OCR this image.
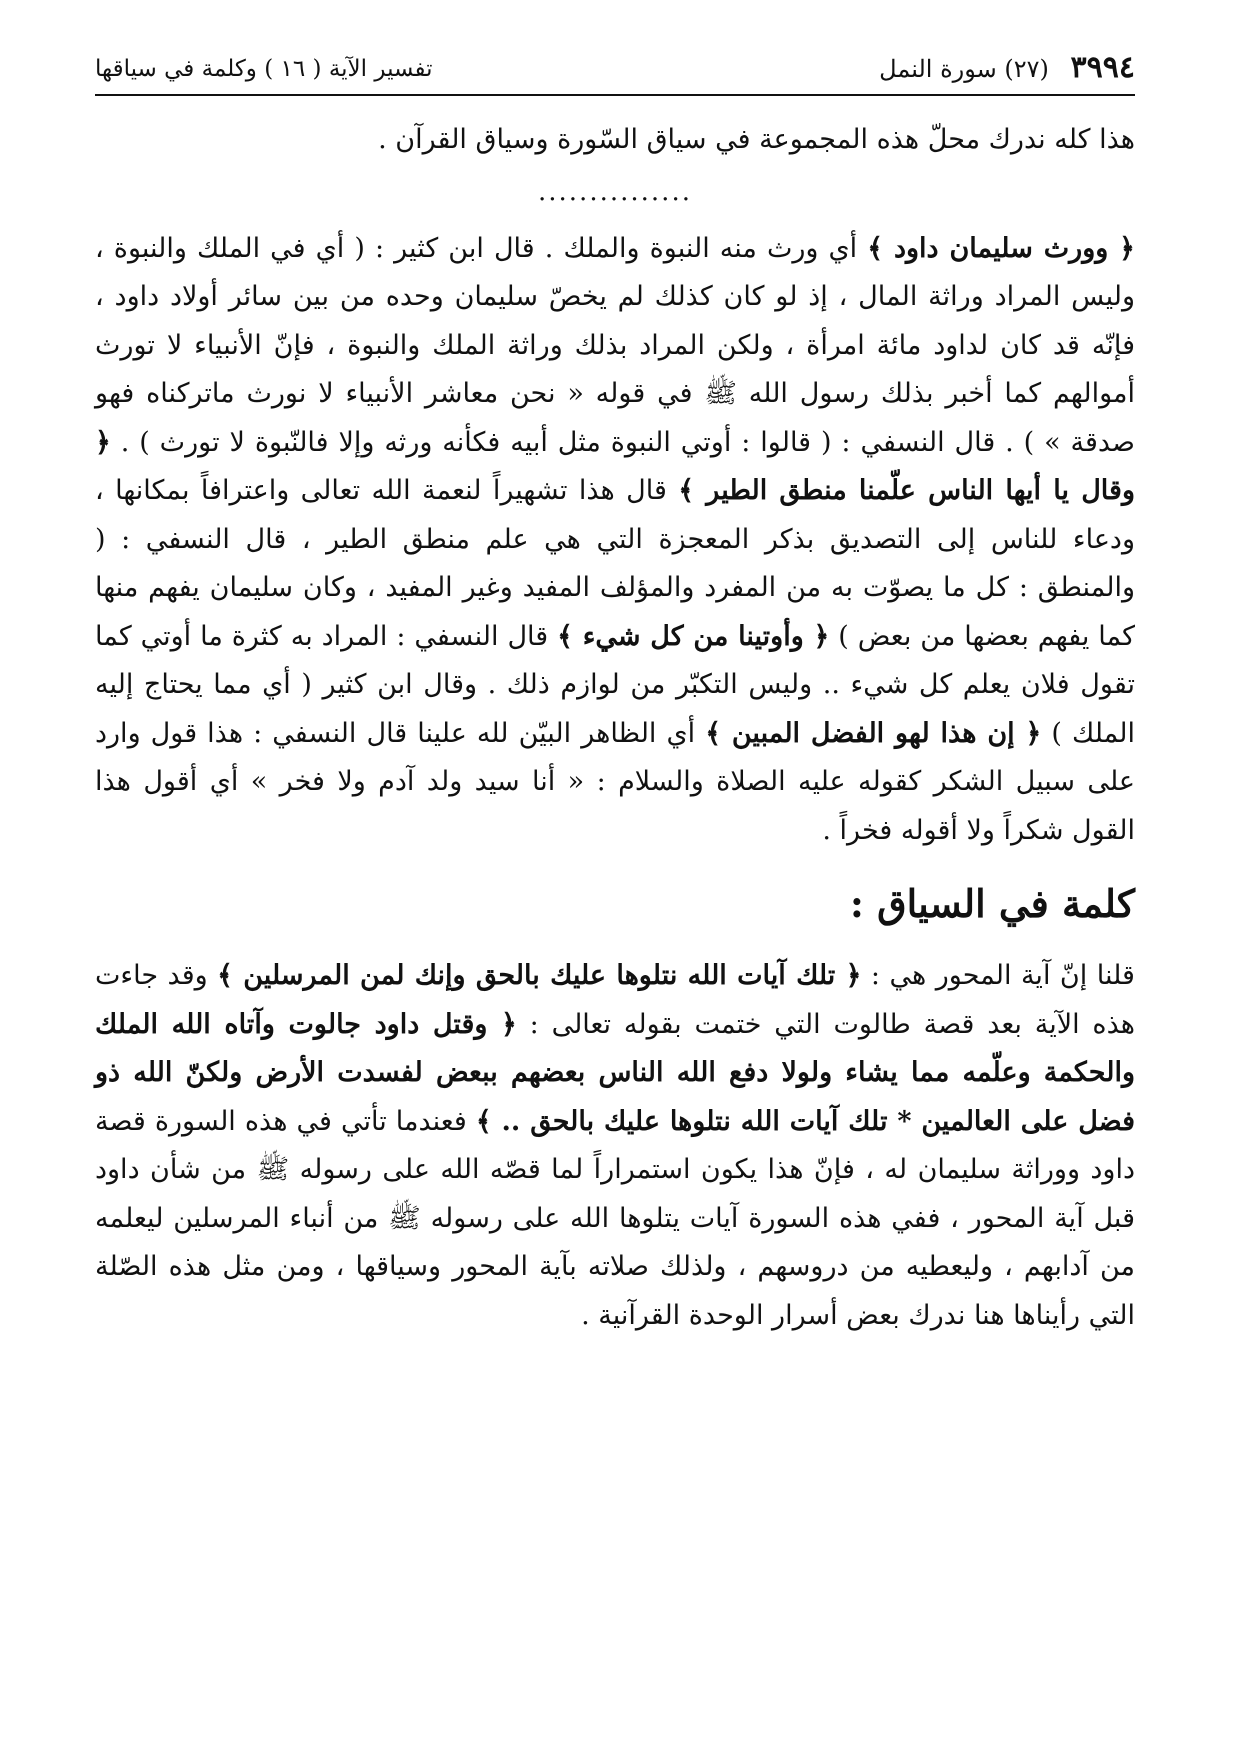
٣٩٩٤ (٢٧) سورة النمل
تفسير الآية ( ١٦ ) وكلمة في سياقها

هذا كله ندرك محلّ هذه المجموعة في سياق السّورة وسياق القرآن .

...............

﴿ وورث سليمان داود ﴾ أي ورث منه النبوة والملك . قال ابن كثير : ( أي في الملك والنبوة ، وليس المراد وراثة المال ، إذ لو كان كذلك لم يخصّ سليمان وحده من بين سائر أولاد داود ، فإنّه قد كان لداود مائة امرأة ، ولكن المراد بذلك وراثة الملك والنبوة ، فإنّ الأنبياء لا تورث أموالهم كما أخبر بذلك رسول الله ﷺ في قوله « نحن معاشر الأنبياء لا نورث ماتركناه فهو صدقة » ) . قال النسفي : ( قالوا : أوتي النبوة مثل أبيه فكأنه ورثه وإلا فالنّبوة لا تورث ) . ﴿ وقال يا أيها الناس علّمنا منطق الطير ﴾ قال هذا تشهيراً لنعمة الله تعالى واعترافاً بمكانها ، ودعاء للناس إلى التصديق بذكر المعجزة التي هي علم منطق الطير ، قال النسفي : ( والمنطق : كل ما يصوّت به من المفرد والمؤلف المفيد وغير المفيد ، وكان سليمان يفهم منها كما يفهم بعضها من بعض ) ﴿ وأوتينا من كل شيء ﴾ قال النسفي : المراد به كثرة ما أوتي كما تقول فلان يعلم كل شيء .. وليس التكبّر من لوازم ذلك . وقال ابن كثير ( أي مما يحتاج إليه الملك ) ﴿ إن هذا لهو الفضل المبين ﴾ أي الظاهر البيّن لله علينا قال النسفي : هذا قول وارد على سبيل الشكر كقوله عليه الصلاة والسلام : « أنا سيد ولد آدم ولا فخر » أي أقول هذا القول شكراً ولا أقوله فخراً .

كلمة في السياق :

قلنا إنّ آية المحور هي : ﴿ تلك آيات الله نتلوها عليك بالحق وإنك لمن المرسلين ﴾ وقد جاءت هذه الآية بعد قصة طالوت التي ختمت بقوله تعالى : ﴿ وقتل داود جالوت وآتاه الله الملك والحكمة وعلّمه مما يشاء ولولا دفع الله الناس بعضهم ببعض لفسدت الأرض ولكنّ الله ذو فضل على العالمين * تلك آيات الله نتلوها عليك بالحق .. ﴾ فعندما تأتي في هذه السورة قصة داود ووراثة سليمان له ، فإنّ هذا يكون استمراراً لما قصّه الله على رسوله ﷺ من شأن داود قبل آية المحور ، ففي هذه السورة آيات يتلوها الله على رسوله ﷺ من أنباء المرسلين ليعلمه من آدابهم ، وليعطيه من دروسهم ، ولذلك صلاته بآية المحور وسياقها ، ومن مثل هذه الصّلة التي رأيناها هنا ندرك بعض أسرار الوحدة القرآنية .
